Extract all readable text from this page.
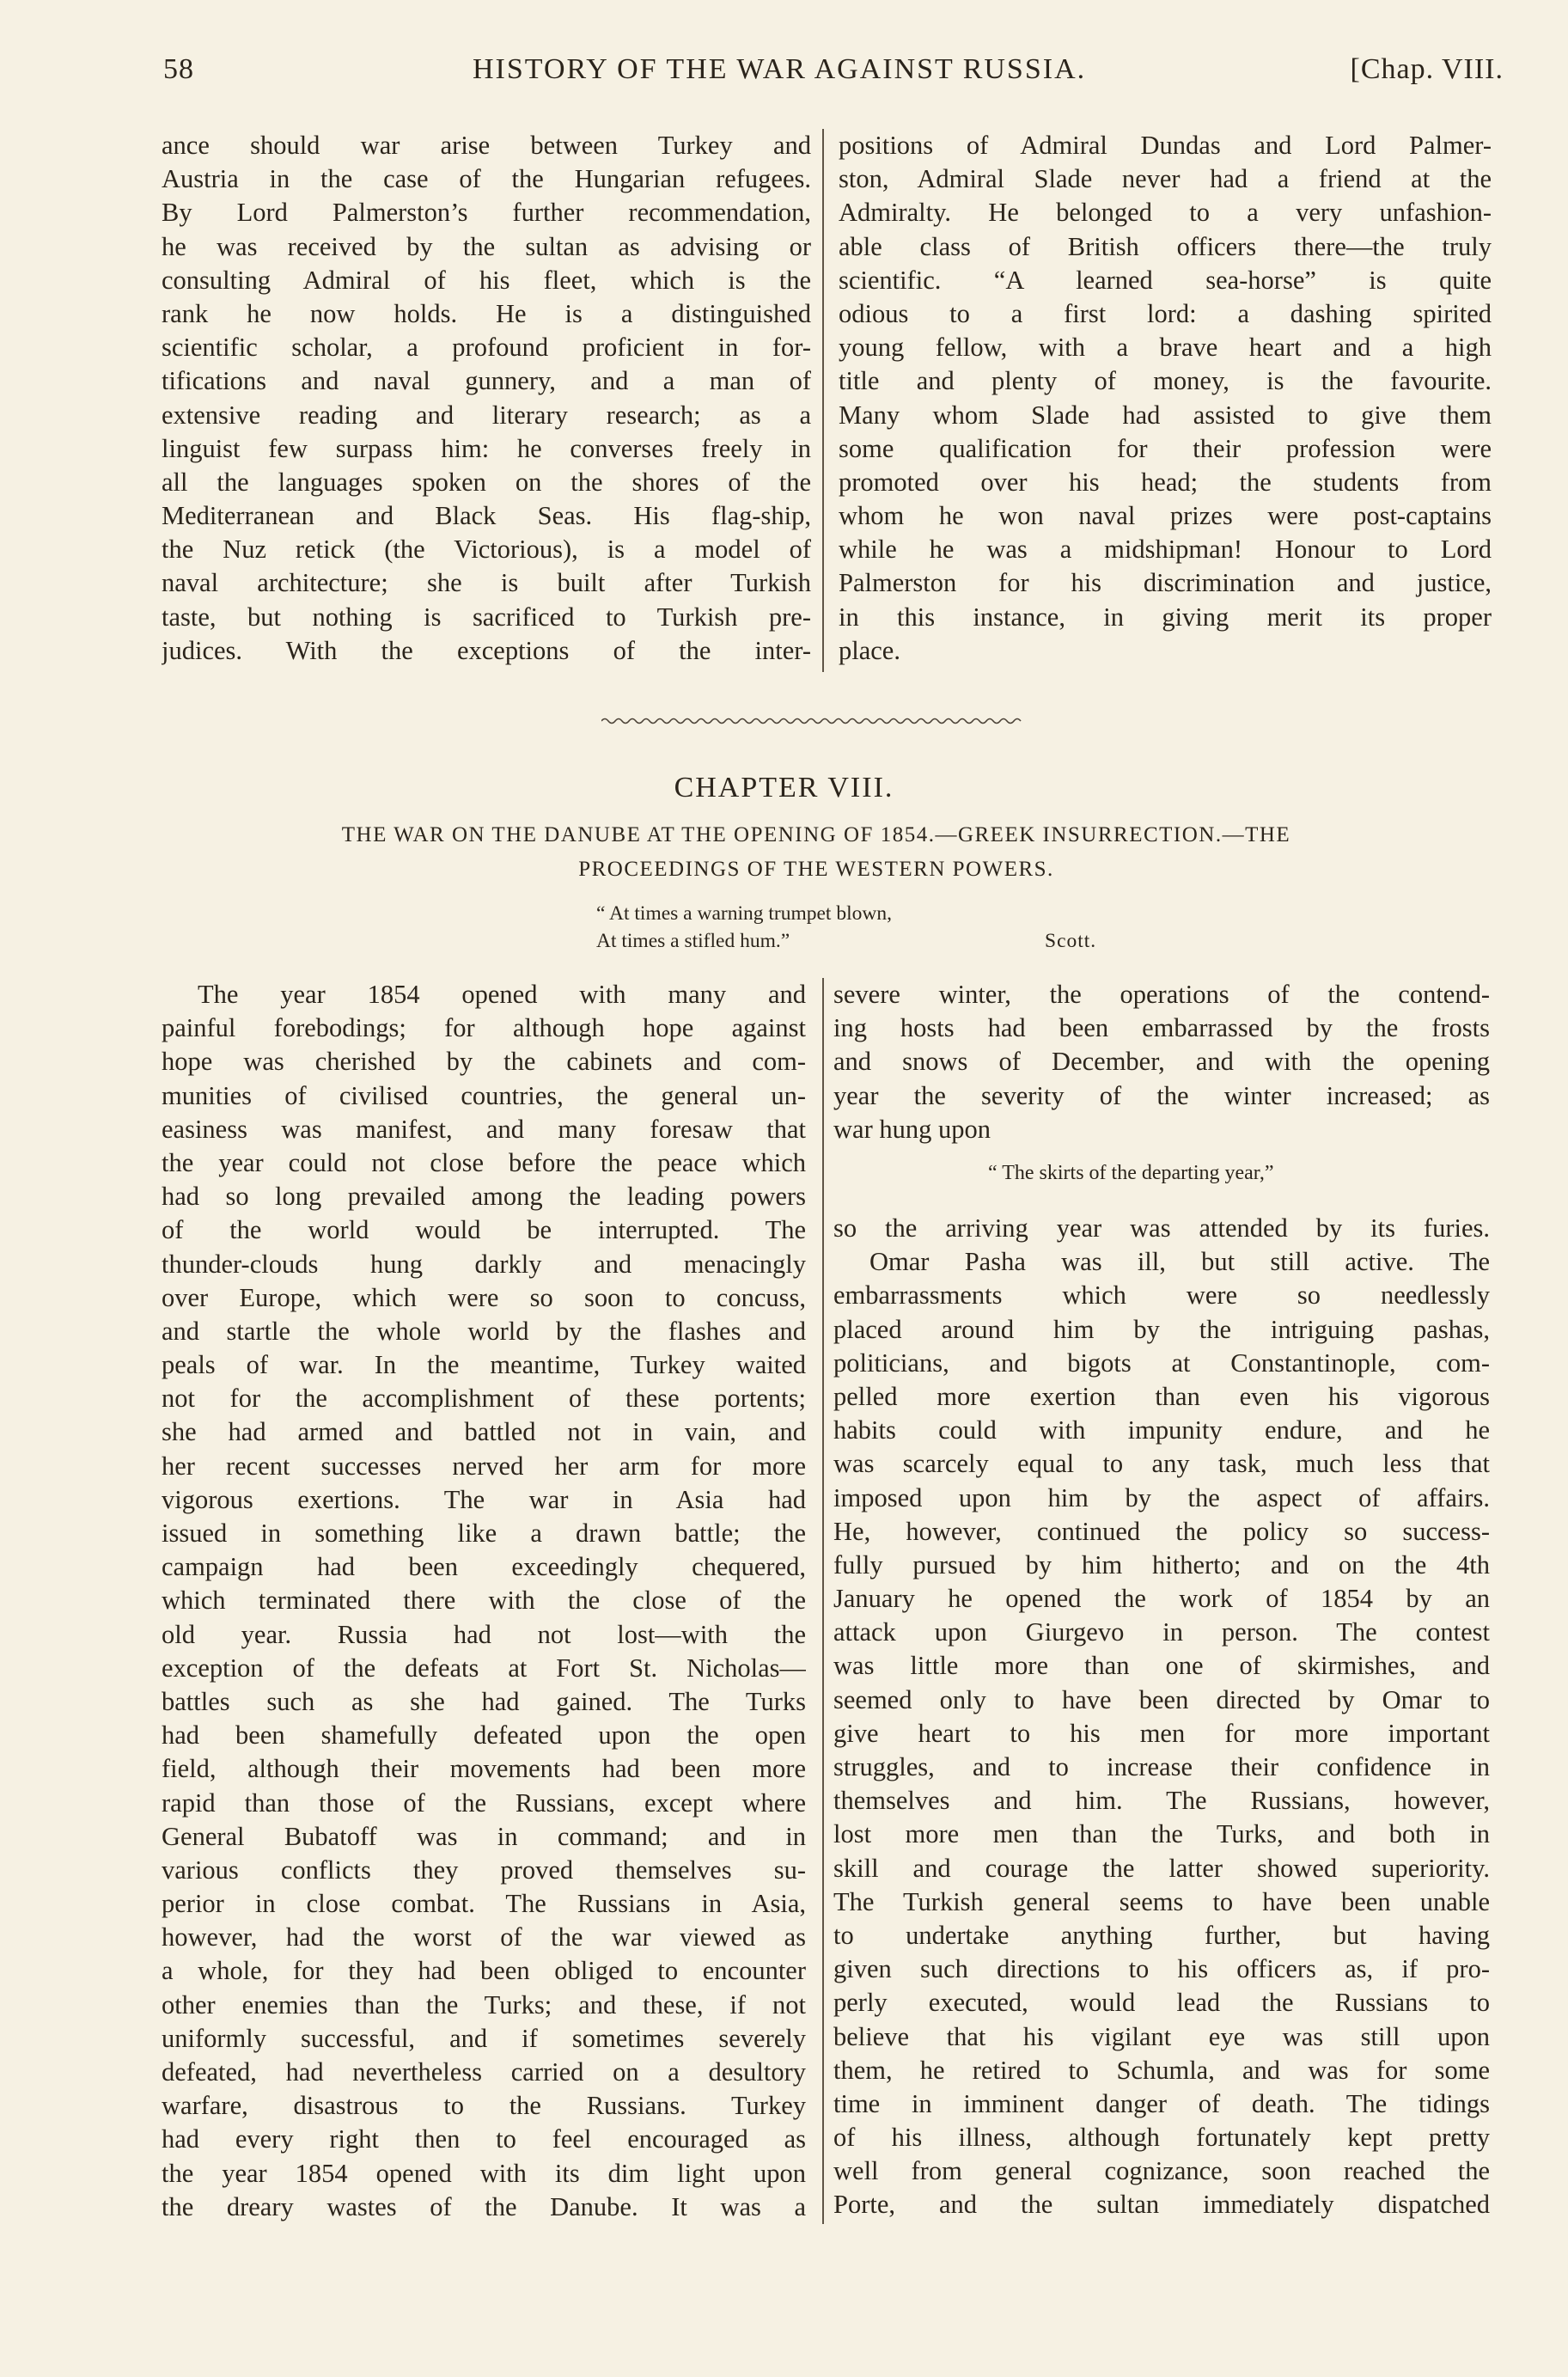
58	HISTORY OF THE WAR AGAINST RUSSIA.	[Chap. VIII.
ance should war arise between Turkey and
Austria in the case of the Hungarian refugees.
By Lord Palmerston’s further recommendation,
he was received by the sultan as advising or
consulting Admiral of his fleet, which is the
rank he now holds. He is a distinguished
scientific scholar, a profound proficient in for-
tifications and naval gunnery, and a man of
extensive reading and literary research; as a
linguist few surpass him: he converses freely in
all the languages spoken on the shores of the
Mediterranean and Black Seas. His flag-ship,
the Nuz retick (the Victorious), is a model of
naval architecture; she is built after Turkish
taste, but nothing is sacrificed to Turkish pre-
judices. With the exceptions of the inter-
positions of Admiral Dundas and Lord Palmer-
ston, Admiral Slade never had a friend at the
Admiralty. He belonged to a very unfashion-
able class of British officers there—the truly
scientific. “A learned sea-horse” is quite
odious to a first lord: a dashing spirited
young fellow, with a brave heart and a high
title and plenty of money, is the favourite.
Many whom Slade had assisted to give them
some qualification for their profession were
promoted over his head; the students from
whom he won naval prizes were post-captains
while he was a midshipman! Honour to Lord
Palmerston for his discrimination and justice,
in this instance, in giving merit its proper
place.
CHAPTER VIII.
THE WAR ON THE DANUBE AT THE OPENING OF 1854.—GREEK INSURRECTION.—THE
PROCEEDINGS OF THE WESTERN POWERS.
“ At times a warning trumpet blown,
At times a stifled hum.”	Scott.
The year 1854 opened with many and
painful forebodings; for although hope against
hope was cherished by the cabinets and com-
munities of civilised countries, the general un-
easiness was manifest, and many foresaw that
the year could not close before the peace which
had so long prevailed among the leading powers
of the world would be interrupted. The
thunder-clouds hung darkly and menacingly
over Europe, which were so soon to concuss,
and startle the whole world by the flashes and
peals of war. In the meantime, Turkey waited
not for the accomplishment of these portents;
she had armed and battled not in vain, and
her recent successes nerved her arm for more
vigorous exertions. The war in Asia had
issued in something like a drawn battle; the
campaign had been exceedingly chequered,
which terminated there with the close of the
old year. Russia had not lost—with the
exception of the defeats at Fort St. Nicholas—
battles such as she had gained. The Turks
had been shamefully defeated upon the open
field, although their movements had been more
rapid than those of the Russians, except where
General Bubatoff was in command; and in
various conflicts they proved themselves su-
perior in close combat. The Russians in Asia,
however, had the worst of the war viewed as
a whole, for they had been obliged to encounter
other enemies than the Turks; and these, if not
uniformly successful, and if sometimes severely
defeated, had nevertheless carried on a desultory
warfare, disastrous to the Russians. Turkey
had every right then to feel encouraged as
the year 1854 opened with its dim light upon
the dreary wastes of the Danube. It was a
severe winter, the operations of the contend-
ing hosts had been embarrassed by the frosts
and snows of December, and with the opening
year the severity of the winter increased; as
war hung upon
“ The skirts of the departing year,”
so the arriving year was attended by its furies.
Omar Pasha was ill, but still active. The
embarrassments which were so needlessly
placed around him by the intriguing pashas,
politicians, and bigots at Constantinople, com-
pelled more exertion than even his vigorous
habits could with impunity endure, and he
was scarcely equal to any task, much less that
imposed upon him by the aspect of affairs.
He, however, continued the policy so success-
fully pursued by him hitherto; and on the 4th
January he opened the work of 1854 by an
attack upon Giurgevo in person. The contest
was little more than one of skirmishes, and
seemed only to have been directed by Omar to
give heart to his men for more important
struggles, and to increase their confidence in
themselves and him. The Russians, however,
lost more men than the Turks, and both in
skill and courage the latter showed superiority.
The Turkish general seems to have been unable
to undertake anything further, but having
given such directions to his officers as, if pro-
perly executed, would lead the Russians to
believe that his vigilant eye was still upon
them, he retired to Schumla, and was for some
time in imminent danger of death. The tidings
of his illness, although fortunately kept pretty
well from general cognizance, soon reached the
Porte, and the sultan immediately dispatched
